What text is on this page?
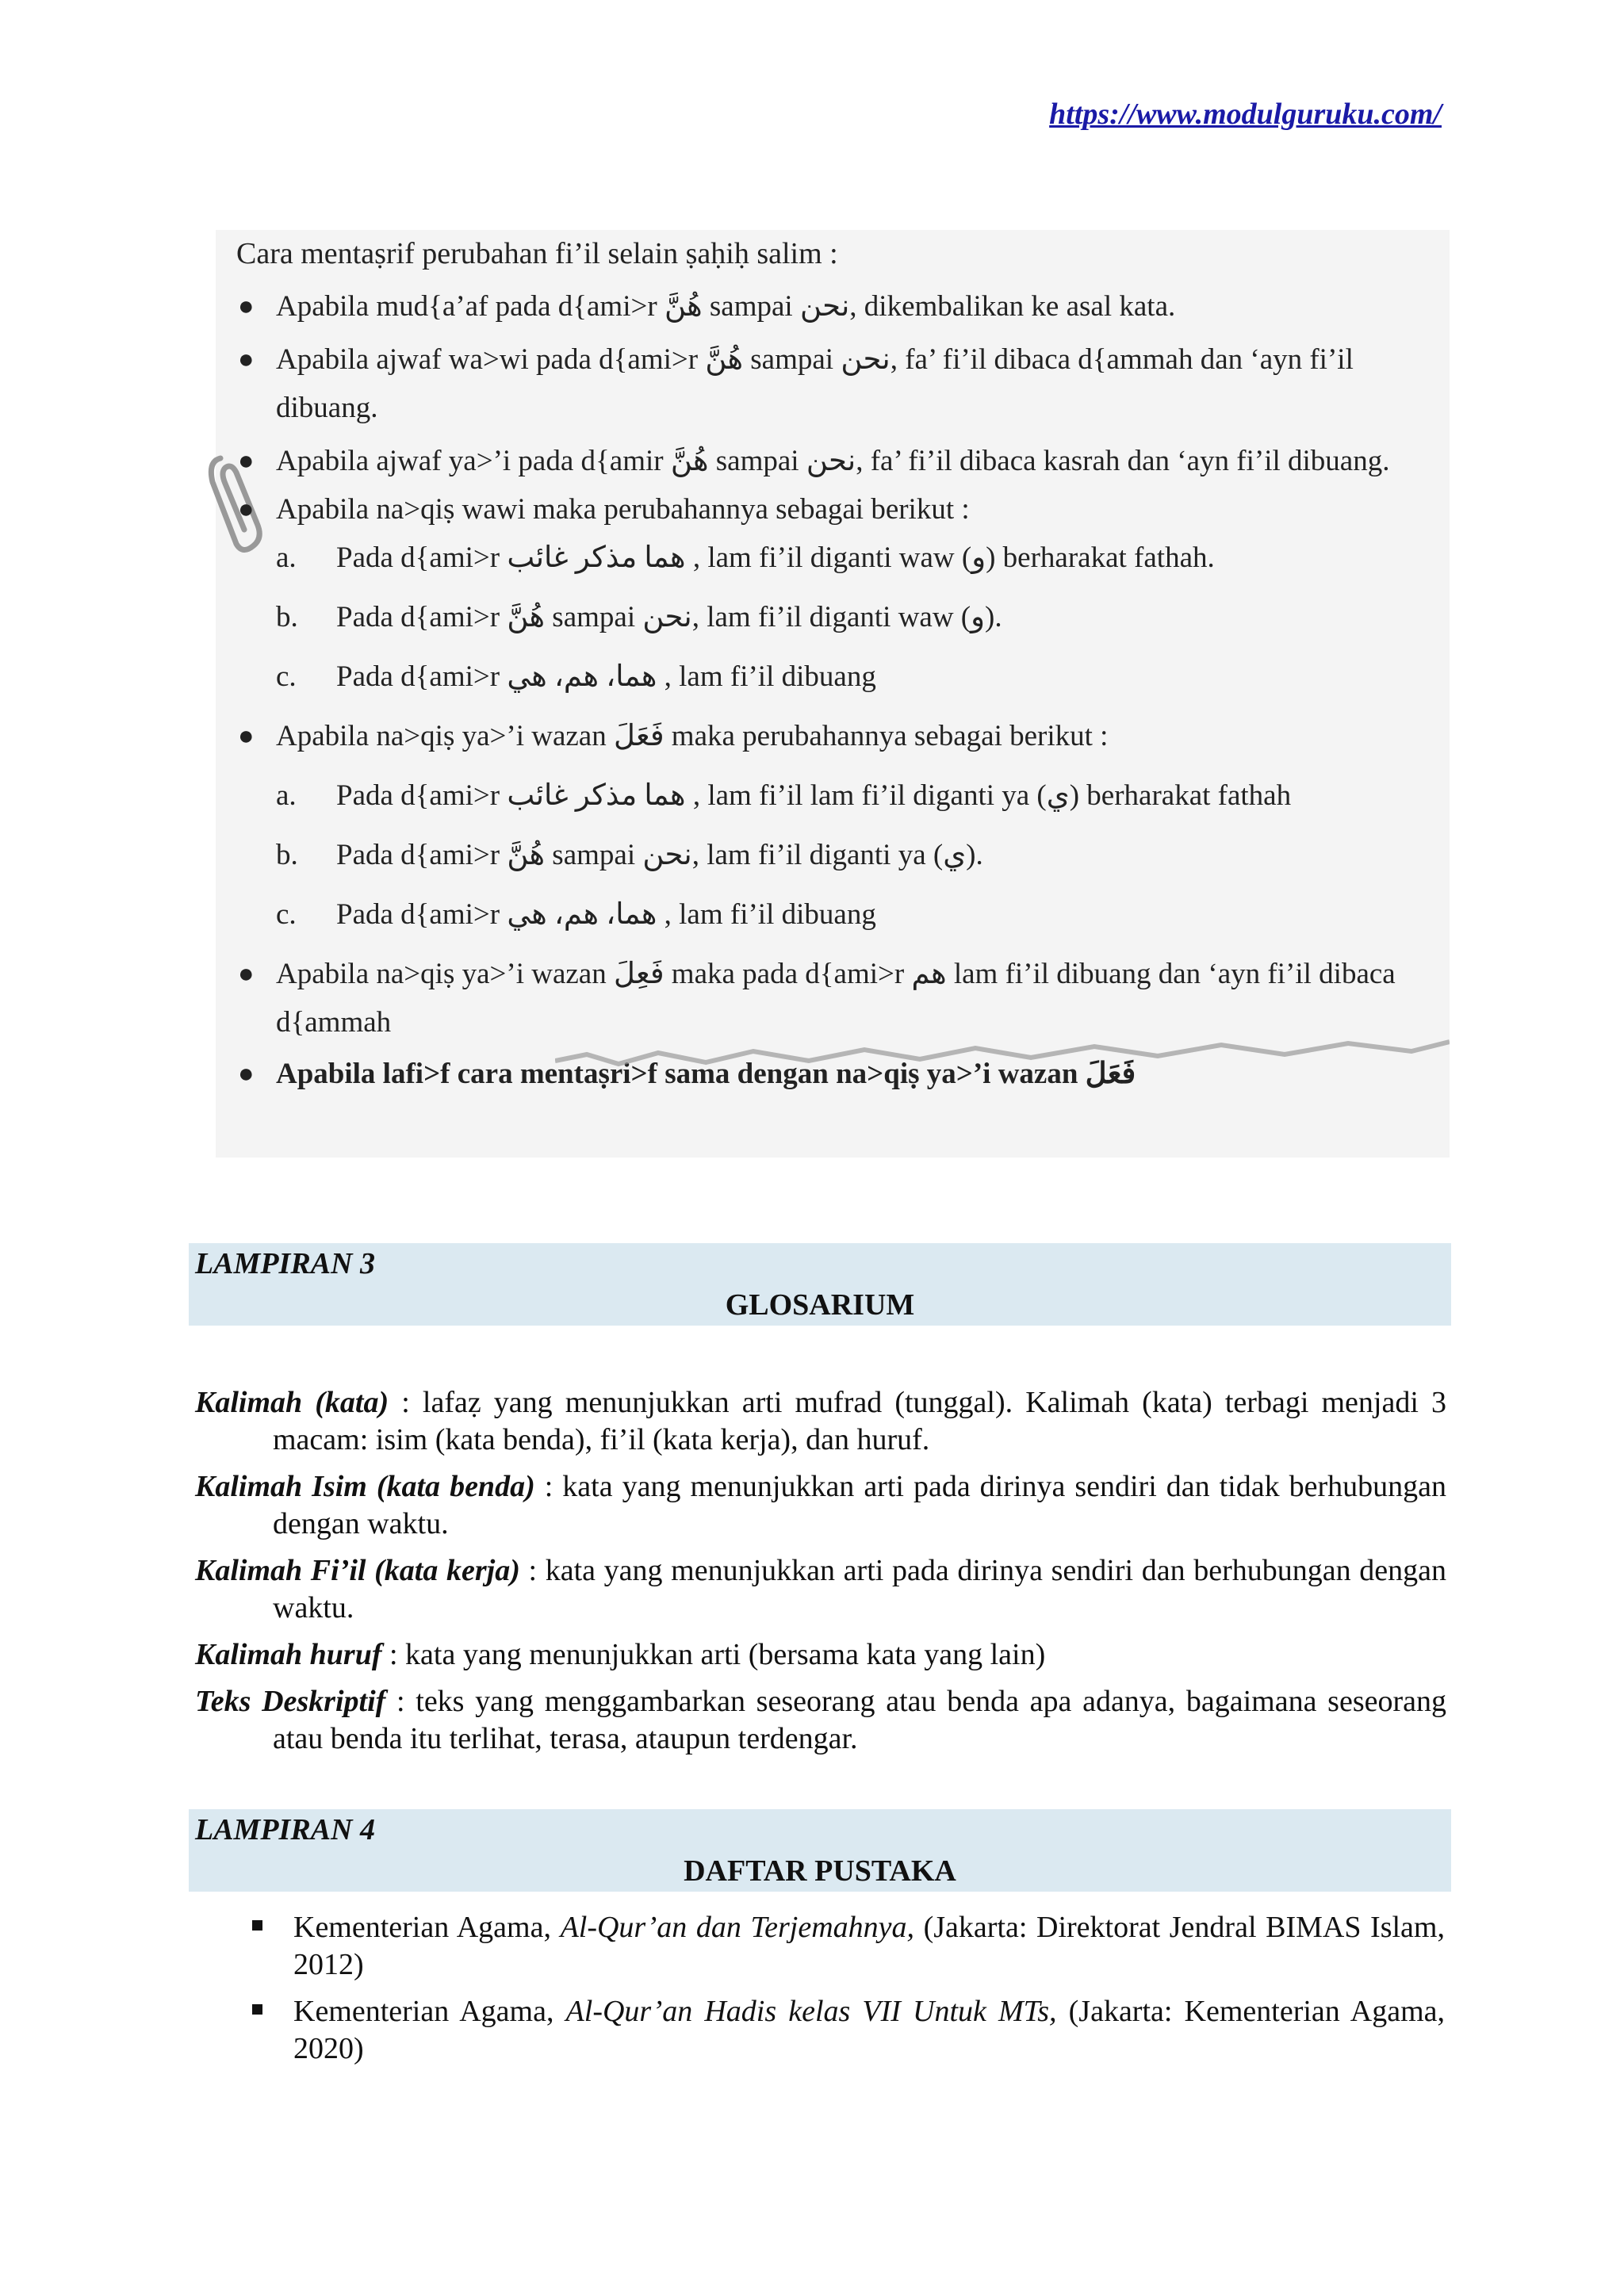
https://www.modulguruku.com/
Cara mentaṣrif perubahan fi’il selain ṣaḥiḥ salim :
● Apabila mud{a’af pada d{ami>r هُنَّ sampai نحن, dikembalikan ke asal kata.
● Apabila ajwaf wa>wi pada d{ami>r هُنَّ sampai نحن, fa’ fi’il dibaca d{ammah dan ‘ayn fi’il dibuang.
● Apabila ajwaf ya>’i pada d{amir هُنَّ sampai نحن, fa’ fi’il dibaca kasrah dan ‘ayn fi’il dibuang.
● Apabila na>qiṣ wawi maka perubahannya sebagai berikut :
a. Pada d{ami>r هما مذكر غائب , lam fi’il diganti waw (و) berharakat fathah.
b. Pada d{ami>r هُنَّ sampai نحن, lam fi’il diganti waw (و).
c. Pada d{ami>r هما، هم، هي , lam fi’il dibuang
● Apabila na>qiṣ ya>’i wazan فَعَلَ maka perubahannya sebagai berikut :
a. Pada d{ami>r هما مذكر غائب , lam fi’il lam fi’il diganti ya (ي) berharakat fathah
b. Pada d{ami>r هُنَّ sampai نحن, lam fi’il diganti ya (ي).
c. Pada d{ami>r هما، هم، هي , lam fi’il dibuang
● Apabila na>qiṣ ya>’i wazan فَعِلَ maka pada d{ami>r هم lam fi’il dibuang dan ‘ayn fi’il dibaca d{ammah
● Apabila lafi>f cara mentaṣri>f sama dengan na>qiṣ ya>’i wazan فَعَلَ
LAMPIRAN 3
GLOSARIUM
Kalimah (kata) : lafaẓ yang menunjukkan arti mufrad (tunggal). Kalimah (kata) terbagi menjadi 3 macam: isim (kata benda), fi’il (kata kerja), dan huruf.
Kalimah Isim (kata benda) : kata yang menunjukkan arti pada dirinya sendiri dan tidak berhubungan dengan waktu.
Kalimah Fi’il (kata kerja) : kata yang menunjukkan arti pada dirinya sendiri dan berhubungan dengan waktu.
Kalimah huruf : kata yang menunjukkan arti (bersama kata yang lain)
Teks Deskriptif : teks yang menggambarkan seseorang atau benda apa adanya, bagaimana seseorang atau benda itu terlihat, terasa, ataupun terdengar.
LAMPIRAN 4
DAFTAR PUSTAKA
Kementerian Agama, Al-Qur’an dan Terjemahnya, (Jakarta: Direktorat Jendral BIMAS Islam, 2012)
Kementerian Agama, Al-Qur’an Hadis kelas VII Untuk MTs, (Jakarta: Kementerian Agama, 2020)
